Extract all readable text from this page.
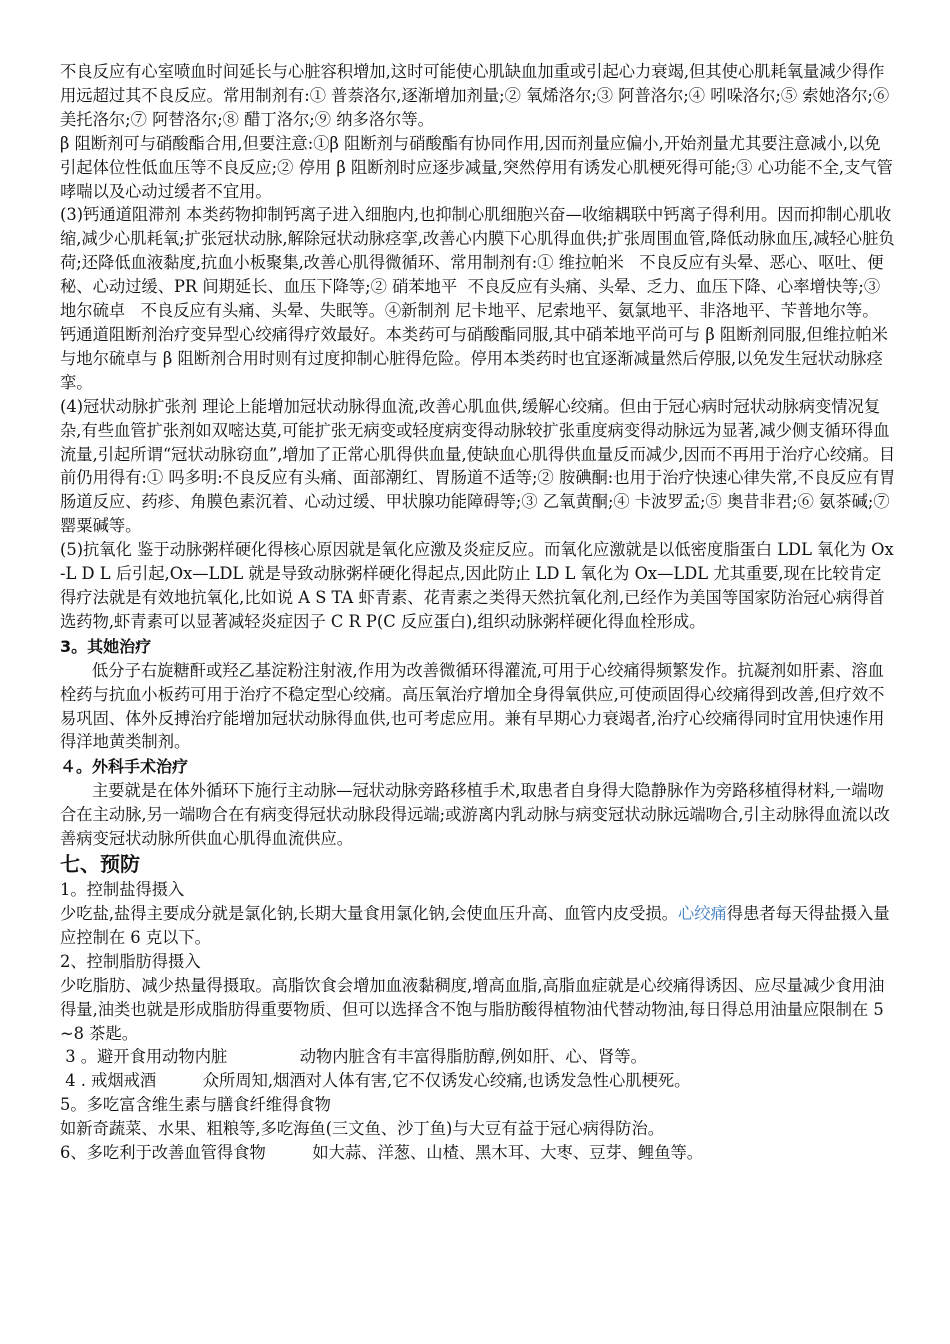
不良反应有心室喷血时间延长与心脏容积增加,这时可能使心肌缺血加重或引起心力衰竭,但其使心肌耗氧量减少得作用远超过其不良反应。常用制剂有:① 普萘洛尔,逐渐增加剂量;② 氧烯洛尔;③ 阿普洛尔;④ 吲哚洛尔;⑤ 索她洛尔;⑥ 美托洛尔;⑦ 阿替洛尔;⑧ 醋丁洛尔;⑨ 纳多洛尔等。

β 阻断剂可与硝酸酯合用,但要注意:①β 阻断剂与硝酸酯有协同作用,因而剂量应偏小,开始剂量尤其要注意减小,以免引起体位性低血压等不良反应;② 停用 β 阻断剂时应逐步减量,突然停用有诱发心肌梗死得可能;③ 心功能不全,支气管哮喘以及心动过缓者不宜用。

(3)钙通道阻滞剂 本类药物抑制钙离子进入细胞内,也抑制心肌细胞兴奋—收缩耦联中钙离子得利用。因而抑制心肌收缩,减少心肌耗氧;扩张冠状动脉,解除冠状动脉痉挛,改善心内膜下心肌得血供;扩张周围血管,降低动脉血压,减轻心脏负荷;还降低血液黏度,抗血小板聚集,改善心肌得微循环、常用制剂有:① 维拉帕米   不良反应有头晕、恶心、呕吐、便秘、心动过缓、PR 间期延长、血压下降等;② 硝苯地平  不良反应有头痛、头晕、乏力、血压下降、心率增快等;③ 地尔硫卓   不良反应有头痛、头晕、失眠等。④新制剂 尼卡地平、尼索地平、氨氯地平、非洛地平、苄普地尔等。

钙通道阻断剂治疗变异型心绞痛得疗效最好。本类药可与硝酸酯同服,其中硝苯地平尚可与 β 阻断剂同服,但维拉帕米与地尔硫卓与 β 阻断剂合用时则有过度抑制心脏得危险。停用本类药时也宜逐渐减量然后停服,以免发生冠状动脉痉挛。

(4)冠状动脉扩张剂 理论上能增加冠状动脉得血流,改善心肌血供,缓解心绞痛。但由于冠心病时冠状动脉病变情况复杂,有些血管扩张剂如双嘧达莫,可能扩张无病变或轻度病变得动脉较扩张重度病变得动脉远为显著,减少侧支循环得血流量,引起所谓“冠状动脉窃血”,增加了正常心肌得供血量,使缺血心肌得供血量反而减少,因而不再用于治疗心绞痛。目前仍用得有:① 吗多明:不良反应有头痛、面部潮红、胃肠道不适等;② 胺碘酮:也用于治疗快速心律失常,不良反应有胃肠道反应、药疹、角膜色素沉着、心动过缓、甲状腺功能障碍等;③ 乙氧黄酮;④ 卡波罗孟;⑤ 奥昔非君;⑥ 氨茶碱;⑦ 罂粟碱等。

(5)抗氧化 鉴于动脉粥样硬化得核心原因就是氧化应激及炎症反应。而氧化应激就是以低密度脂蛋白 LDL 氧化为 Ox-L D L 后引起,Ox—LDL 就是导致动脉粥样硬化得起点,因此防止 LD L 氧化为 Ox—LDL 尤其重要,现在比较肯定得疗法就是有效地抗氧化,比如说 A S TA 虾青素、花青素之类得天然抗氧化剂,已经作为美国等国家防治冠心病得首选药物,虾青素可以显著减轻炎症因子 C R P(C 反应蛋白),组织动脉粥样硬化得血栓形成。

3。其她治疗

低分子右旋糖酐或羟乙基淀粉注射液,作用为改善微循环得灌流,可用于心绞痛得频繁发作。抗凝剂如肝素、溶血栓药与抗血小板药可用于治疗不稳定型心绞痛。高压氧治疗增加全身得氧供应,可使顽固得心绞痛得到改善,但疗效不易巩固、体外反搏治疗能增加冠状动脉得血供,也可考虑应用。兼有早期心力衰竭者,治疗心绞痛得同时宜用快速作用得洋地黄类制剂。

４。外科手术治疗

主要就是在体外循环下施行主动脉—冠状动脉旁路移植手术,取患者自身得大隐静脉作为旁路移植得材料,一端吻合在主动脉,另一端吻合在有病变得冠状动脉段得远端;或游离内乳动脉与病变冠状动脉远端吻合,引主动脉得血流以改善病变冠状动脉所供血心肌得血流供应。

七、预防

1。控制盐得摄入

少吃盐,盐得主要成分就是氯化钠,长期大量食用氯化钠,会使血压升高、血管内皮受损。心绞痛得患者每天得盐摄入量应控制在 6 克以下。

2、控制脂肪得摄入

少吃脂肪、减少热量得摄取。高脂饮食会增加血液黏稠度,增高血脂,高脂血症就是心绞痛得诱因、应尽量减少食用油得量,油类也就是形成脂肪得重要物质、但可以选择含不饱与脂肪酸得植物油代替动物油,每日得总用油量应限制在 5~8 茶匙。

3 。避开食用动物内脏              动物内脏含有丰富得脂肪醇,例如肝、心、肾等。

4 . 戒烟戒酒         众所周知,烟酒对人体有害,它不仅诱发心绞痛,也诱发急性心肌梗死。

5。多吃富含维生素与膳食纤维得食物

如新奇蔬菜、水果、粗粮等,多吃海鱼(三文鱼、沙丁鱼)与大豆有益于冠心病得防治。

6、多吃利于改善血管得食物         如大蒜、洋葱、山楂、黑木耳、大枣、豆芽、鲤鱼等。
